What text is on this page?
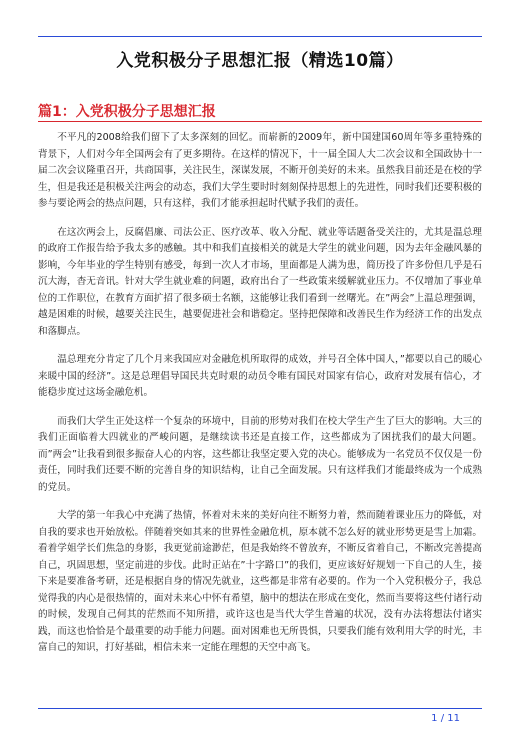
入党积极分子思想汇报（精选10篇）
篇1：入党积极分子思想汇报

不平凡的2008给我们留下了太多深刻的回忆。而崭新的2009年，新中国建国60周年等多重特殊的背景下，人们对今年全国两会有了更多期待。在这样的情况下，十一届全国人大二次会议和全国政协十一届二次会议隆重召开，共商国事，关注民生，深谋发展，不断开创美好的未来。虽然我目前还是在校的学生，但是我还是积极关注两会的动态，我们大学生要时时刻刻保持思想上的先进性，同时我们还要积极的参与要论两会的热点问题，只有这样，我们才能承担起时代赋予我们的责任。

在这次两会上，反腐倡廉、司法公正、医疗改革、收入分配、就业等话题备受关注的，尤其是温总理的政府工作报告给予我太多的感触。其中和我们直接相关的就是大学生的就业问题，因为去年金融风暴的影响，今年毕业的学生特别有感受，每到一次人才市场，里面都是人满为患，简历投了许多份但几乎是石沉大海，杳无音讯。针对大学生就业难的问题，政府出台了一些政策来缓解就业压力。不仅增加了事业单位的工作职位，在教育方面扩招了很多硕士名额，这能够让我们看到一丝曙光。在”两会”上温总理强调，越是困难的时候，越要关注民生，越要促进社会和谐稳定。坚持把保障和改善民生作为经济工作的出发点和落脚点。

温总理充分肯定了几个月来我国应对金融危机所取得的成效，并号召全体中国人，”都要以自己的暖心来暖中国的经济”。这是总理倡导国民共克时艰的动员令唯有国民对国家有信心，政府对发展有信心，才能稳步度过这场金融危机。

而我们大学生正处这样一个复杂的环境中，目前的形势对我们在校大学生产生了巨大的影响。大三的我们正面临着大四就业的严峻问题，是继续读书还是直接工作，这些都成为了困扰我们的最大问题。而”两会”让我看到很多振奋人心的内容，这些都让我坚定要入党的决心。能够成为一名党员不仅仅是一份责任，同时我们还要不断的完善自身的知识结构，让自己全面发展。只有这样我们才能最终成为一个成熟的党员。

大学的第一年我心中充满了热情，怀着对未来的美好向往不断努力着，然而随着课业压力的降低，对自我的要求也开始放松。伴随着突如其来的世界性金融危机，原本就不怎么好的就业形势更是雪上加霜。看着学姐学长们焦急的身影，我更觉前途渺茫，但是我始终不曾放弃，不断反省着自己，不断改完善提高自己，巩固思想，坚定前进的步伐。此时正站在”十字路口”的我们，更应该好好规划一下自己的人生，接下来是要准备考研，还是根据自身的情况先就业，这些都是非常有必要的。作为一个入党积极分子，我总觉得我的内心是很热情的，面对未来心中怀有希望，脑中的想法在形成在变化，然而当要将这些付诸行动的时候，发现自己何其的茫然而不知所措，或许这也是当代大学生普遍的状况，没有办法将想法付诸实践，而这也恰恰是个最重要的动手能力问题。面对困难也无所畏惧，只要我们能有效利用大学的时光，丰富自己的知识，打好基础，相信未来一定能在理想的天空中高飞。

1 / 11
